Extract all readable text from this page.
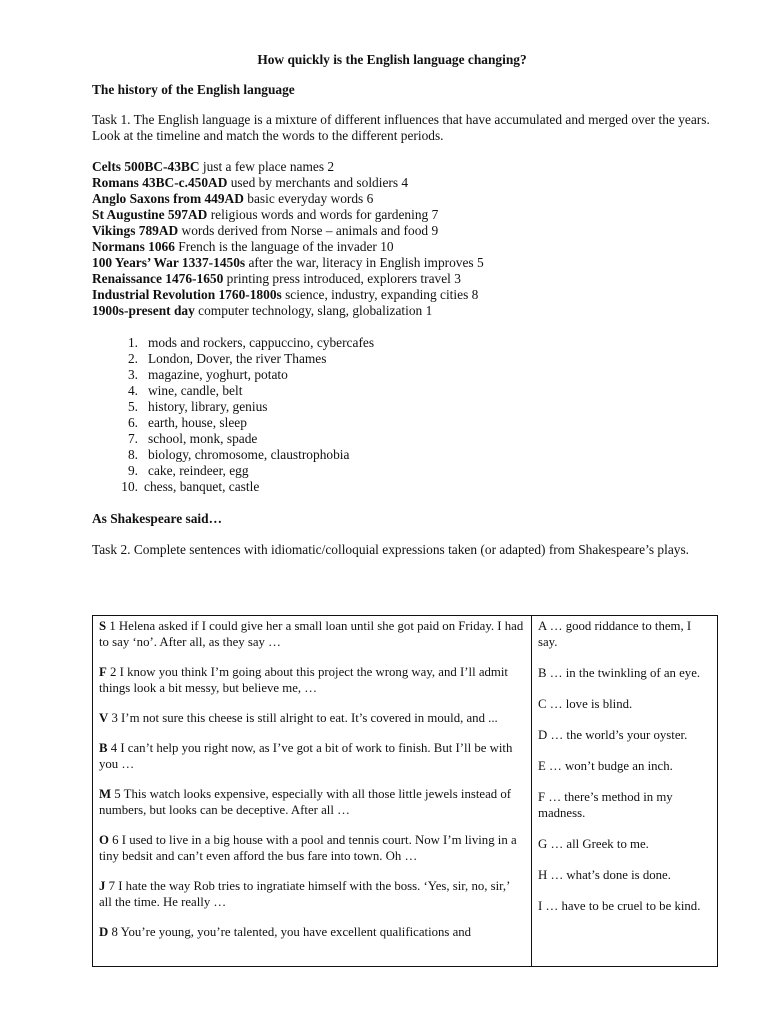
How quickly is the English language changing?
The history of the English language
Task 1. The English language is a mixture of different influences that have accumulated and merged over the years. Look at the timeline and match the words to the different periods.
Celts 500BC-43BC just a few place names 2
Romans 43BC-c.450AD used by merchants and soldiers 4
Anglo Saxons from 449AD basic everyday words 6
St Augustine 597AD religious words and words for gardening 7
Vikings 789AD words derived from Norse – animals and food 9
Normans 1066 French is the language of the invader 10
100 Years’ War 1337-1450s after the war, literacy in English improves 5
Renaissance 1476-1650 printing press introduced, explorers travel 3
Industrial Revolution 1760-1800s science, industry, expanding cities 8
1900s-present day computer technology, slang, globalization 1
1. mods and rockers, cappuccino, cybercafes
2. London, Dover, the river Thames
3. magazine, yoghurt, potato
4. wine, candle, belt
5. history, library, genius
6. earth, house, sleep
7. school, monk, spade
8. biology, chromosome, claustrophobia
9. cake, reindeer, egg
10. chess, banquet, castle
As Shakespeare said…
Task 2. Complete sentences with idiomatic/colloquial expressions taken (or adapted) from Shakespeare’s plays.
S 1 Helena asked if I could give her a small loan until she got paid on Friday. I had to say ‘no’. After all, as they say …
F 2 I know you think I’m going about this project the wrong way, and I’ll admit things look a bit messy, but believe me, …
V 3 I’m not sure this cheese is still alright to eat. It’s covered in mould, and ...
B 4 I can’t help you right now, as I’ve got a bit of work to finish. But I’ll be with you …
M 5 This watch looks expensive, especially with all those little jewels instead of numbers, but looks can be deceptive. After all …
O 6 I used to live in a big house with a pool and tennis court. Now I’m living in a tiny bedsit and can’t even afford the bus fare into town. Oh …
J 7 I hate the way Rob tries to ingratiate himself with the boss. ‘Yes, sir, no, sir,’ all the time. He really …
D 8 You’re young, you’re talented, you have excellent qualifications and

A … good riddance to them, I say.
B … in the twinkling of an eye.
C … love is blind.
D … the world’s your oyster.
E … won’t budge an inch.
F … there’s method in my madness.
G … all Greek to me.
H … what’s done is done.
I … have to be cruel to be kind.
